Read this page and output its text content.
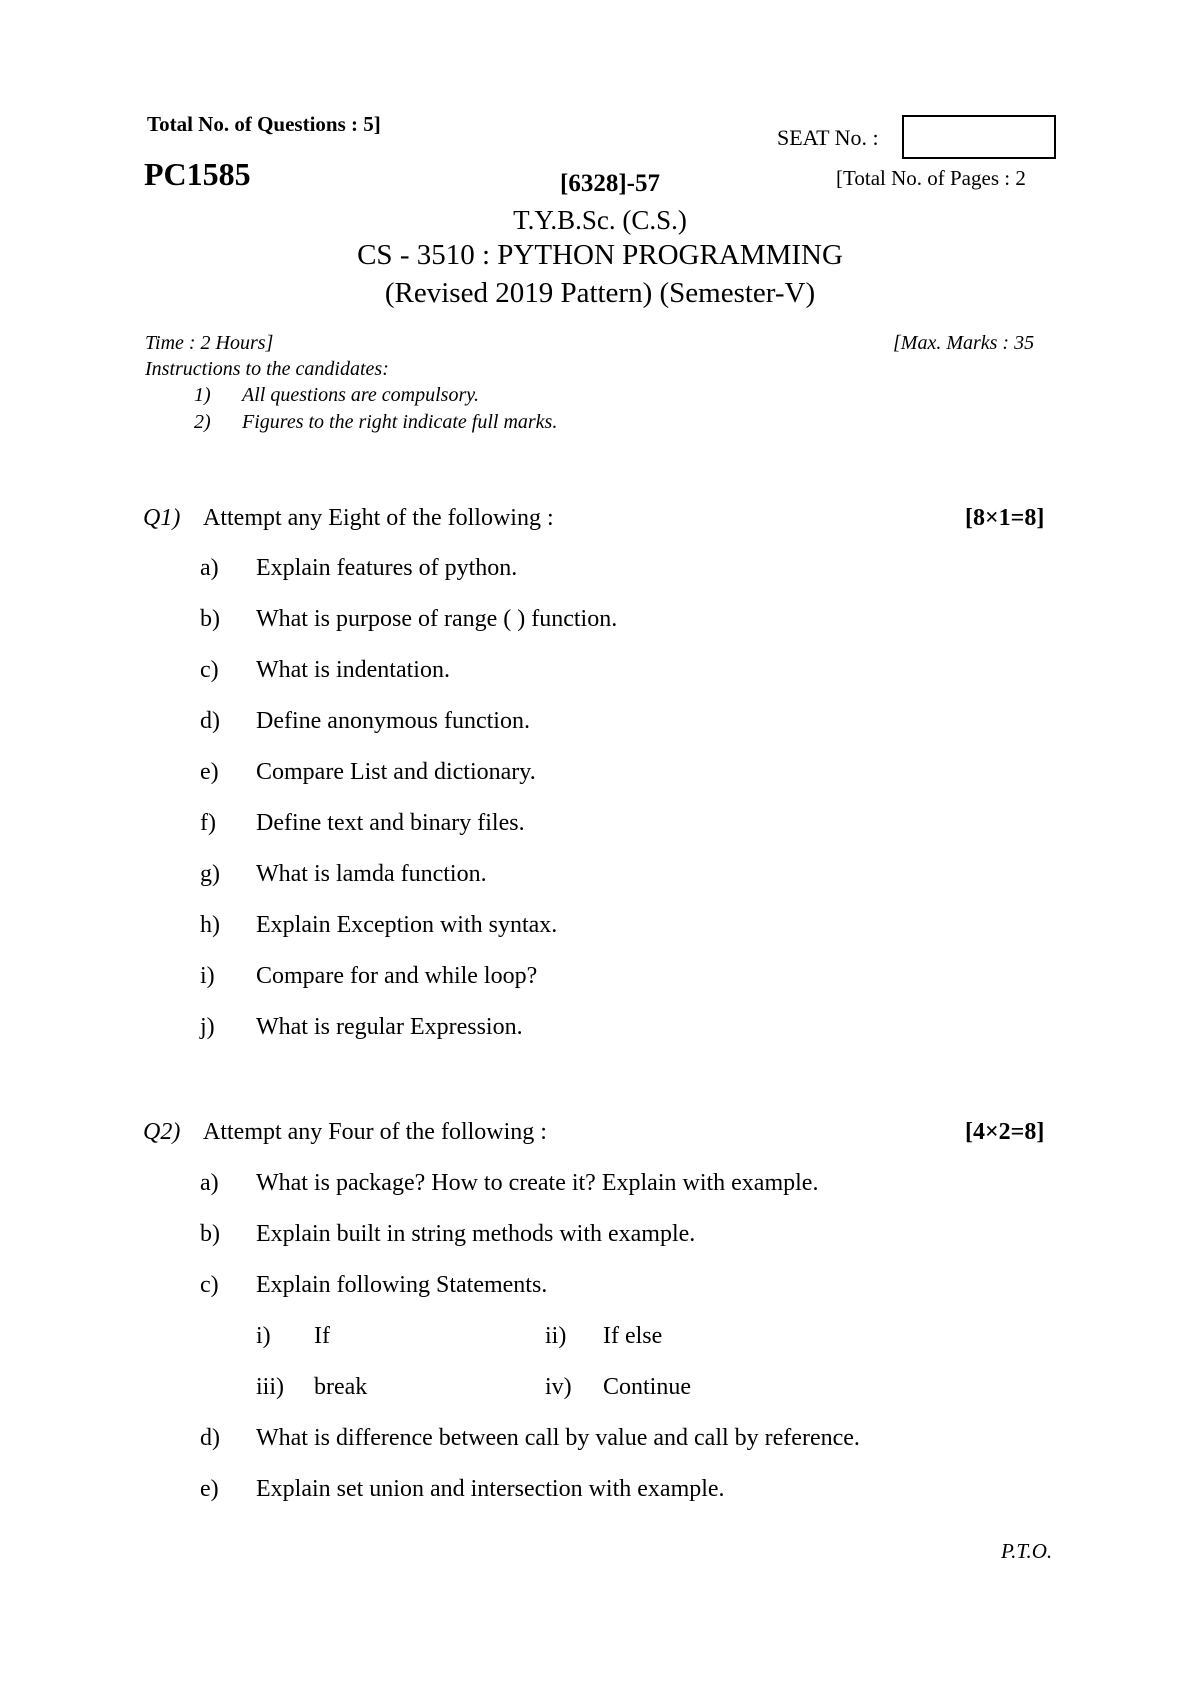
Total No. of Questions : 5]
SEAT No. :
PC1585	[6328]-57	[Total No. of Pages : 2
T.Y.B.Sc. (C.S.)
CS - 3510 : PYTHON PROGRAMMING
(Revised 2019 Pattern) (Semester-V)
Time : 2 Hours]	[Max. Marks : 35
Instructions to the candidates:
1) All questions are compulsory.
2) Figures to the right indicate full marks.
Q1) Attempt any Eight of the following :	[8×1=8]
a) Explain features of python.
b) What is purpose of range ( ) function.
c) What is indentation.
d) Define anonymous function.
e) Compare List and dictionary.
f) Define text and binary files.
g) What is lamda function.
h) Explain Exception with syntax.
i) Compare for and while loop?
j) What is regular Expression.
Q2) Attempt any Four of the following :	[4×2=8]
a) What is package? How to create it? Explain with example.
b) Explain built in string methods with example.
c) Explain following Statements.
i) If	ii) If else
iii) break	iv) Continue
d) What is difference between call by value and call by reference.
e) Explain set union and intersection with example.
P.T.O.
